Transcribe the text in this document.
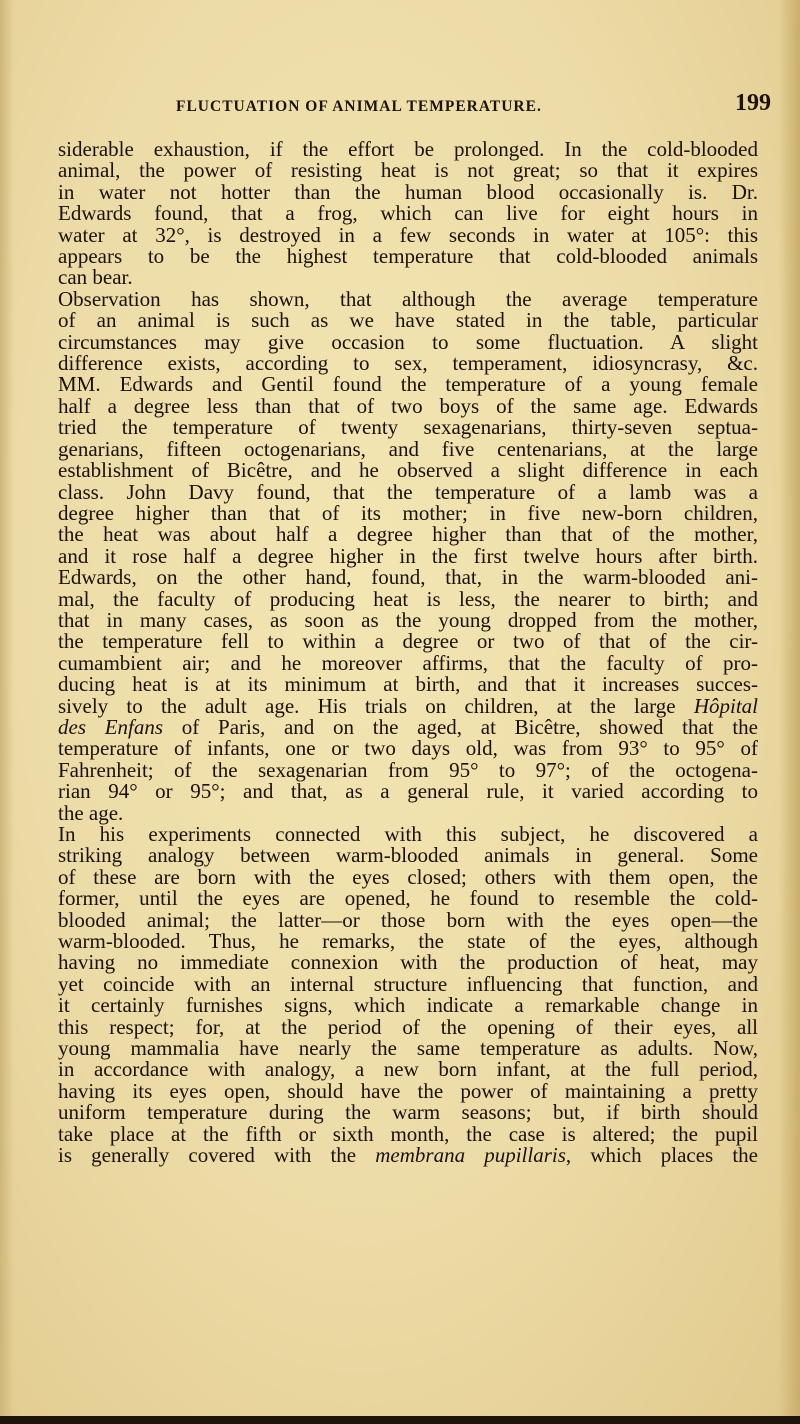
FLUCTUATION OF ANIMAL TEMPERATURE.	199
siderable exhaustion, if the effort be prolonged. In the cold-blooded
animal, the power of resisting heat is not great; so that it expires
in water not hotter than the human blood occasionally is. Dr.
Edwards found, that a frog, which can live for eight hours in
water at 32°, is destroyed in a few seconds in water at 105°: this
appears to be the highest temperature that cold-blooded animals
can bear.
Observation has shown, that although the average temperature
of an animal is such as we have stated in the table, particular
circumstances may give occasion to some fluctuation. A slight
difference exists, according to sex, temperament, idiosyncrasy, &c.
MM. Edwards and Gentil found the temperature of a young female
half a degree less than that of two boys of the same age. Edwards
tried the temperature of twenty sexagenarians, thirty-seven septua-
genarians, fifteen octogenarians, and five centenarians, at the large
establishment of Bicêtre, and he observed a slight difference in each
class. John Davy found, that the temperature of a lamb was a
degree higher than that of its mother; in five new-born children,
the heat was about half a degree higher than that of the mother,
and it rose half a degree higher in the first twelve hours after birth.
Edwards, on the other hand, found, that, in the warm-blooded ani-
mal, the faculty of producing heat is less, the nearer to birth; and
that in many cases, as soon as the young dropped from the mother,
the temperature fell to within a degree or two of that of the cir-
cumambient air; and he moreover affirms, that the faculty of pro-
ducing heat is at its minimum at birth, and that it increases succes-
sively to the adult age. His trials on children, at the large Hôpital
des Enfans of Paris, and on the aged, at Bicêtre, showed that the
temperature of infants, one or two days old, was from 93° to 95° of
Fahrenheit; of the sexagenarian from 95° to 97°; of the octogena-
rian 94° or 95°; and that, as a general rule, it varied according to
the age.
In his experiments connected with this subject, he discovered a
striking analogy between warm-blooded animals in general. Some
of these are born with the eyes closed; others with them open, the
former, until the eyes are opened, he found to resemble the cold-
blooded animal; the latter—or those born with the eyes open—the
warm-blooded. Thus, he remarks, the state of the eyes, although
having no immediate connexion with the production of heat, may
yet coincide with an internal structure influencing that function, and
it certainly furnishes signs, which indicate a remarkable change in
this respect; for, at the period of the opening of their eyes, all
young mammalia have nearly the same temperature as adults. Now,
in accordance with analogy, a new born infant, at the full period,
having its eyes open, should have the power of maintaining a pretty
uniform temperature during the warm seasons; but, if birth should
take place at the fifth or sixth month, the case is altered; the pupil
is generally covered with the membrana pupillaris, which places the
